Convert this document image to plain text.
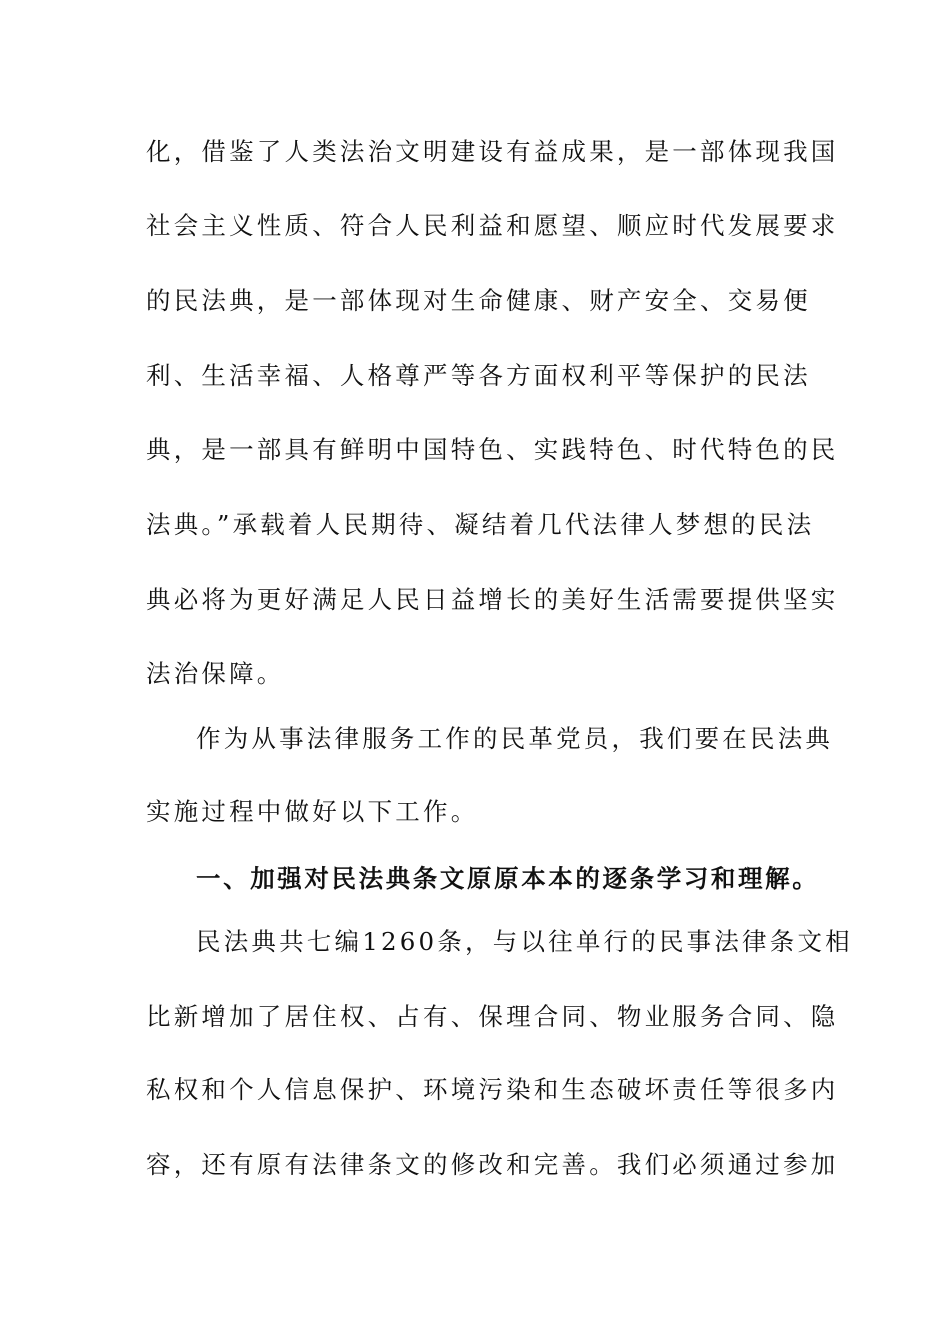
化，借鉴了人类法治文明建设有益成果，是一部体现我国
社会主义性质、符合人民利益和愿望、顺应时代发展要求
的民法典，是一部体现对生命健康、财产安全、交易便
利、生活幸福、人格尊严等各方面权利平等保护的民法
典，是一部具有鲜明中国特色、实践特色、时代特色的民
法典。”承载着人民期待、凝结着几代法律人梦想的民法
典必将为更好满足人民日益增长的美好生活需要提供坚实
法治保障。
作为从事法律服务工作的民革党员，我们要在民法典
实施过程中做好以下工作。
一、加强对民法典条文原原本本的逐条学习和理解。
民法典共七编1260条，与以往单行的民事法律条文相
比新增加了居住权、占有、保理合同、物业服务合同、隐
私权和个人信息保护、环境污染和生态破坏责任等很多内
容，还有原有法律条文的修改和完善。我们必须通过参加
